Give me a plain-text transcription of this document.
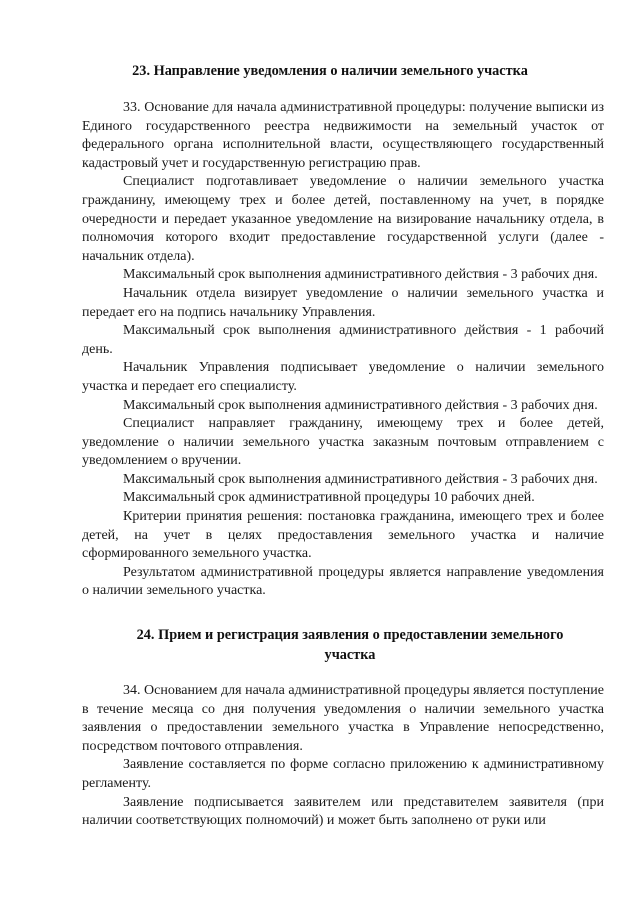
23. Направление уведомления о наличии земельного участка

33. Основание для начала административной процедуры: получение выписки из Единого государственного реестра недвижимости на земельный участок от федерального органа исполнительной власти, осуществляющего государственный кадастровый учет и государственную регистрацию прав.

Специалист подготавливает уведомление о наличии земельного участка гражданину, имеющему трех и более детей, поставленному на учет, в порядке очередности и передает указанное уведомление на визирование начальнику отдела, в полномочия которого входит предоставление государственной услуги (далее - начальник отдела).

Максимальный срок выполнения административного действия - 3 рабочих дня.

Начальник отдела визирует уведомление о наличии земельного участка и передает его на подпись начальнику Управления.

Максимальный срок выполнения административного действия - 1 рабочий день.

Начальник Управления подписывает уведомление о наличии земельного участка и передает его специалисту.

Максимальный срок выполнения административного действия - 3 рабочих дня.

Специалист направляет гражданину, имеющему трех и более детей, уведомление о наличии земельного участка заказным почтовым отправлением с уведомлением о вручении.

Максимальный срок выполнения административного действия - 3 рабочих дня.

Максимальный срок административной процедуры 10 рабочих дней.

Критерии принятия решения: постановка гражданина, имеющего трех и более детей, на учет в целях предоставления земельного участка и наличие сформированного земельного участка.

Результатом административной процедуры является направление уведомления о наличии земельного участка.

24. Прием и регистрация заявления о предоставлении земельного
участка

34. Основанием для начала административной процедуры является поступление в течение месяца со дня получения уведомления о наличии земельного участка заявления о предоставлении земельного участка в Управление непосредственно, посредством почтового отправления.

Заявление составляется по форме согласно приложению к административному регламенту.

Заявление подписывается заявителем или представителем заявителя (при наличии соответствующих полномочий) и может быть заполнено от руки или
